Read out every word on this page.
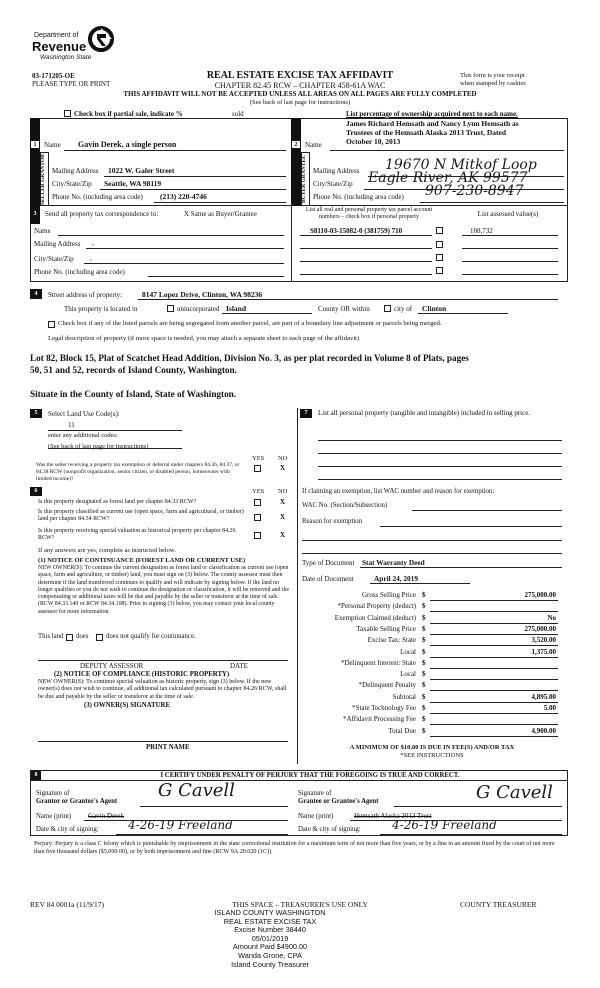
Department of
Revenue
Washington State
03-171205-OE
PLEASE TYPE OR PRINT
REAL ESTATE EXCISE TAX AFFIDAVIT
CHAPTER 82.45 RCW – CHAPTER 458-61A WAC
This form is your receipt
when stamped by cashier.
THIS AFFIDAVIT WILL NOT BE ACCEPTED UNLESS ALL AREAS ON ALL PAGES ARE FULLY COMPLETED
(See back of last page for instructions)
Check box if partial sale, indicate %	sold	List percentage of ownership acquired next to each name.
1
SELLER GRANTOR
Name Gavin Derek, a single person
Mailing Address 1022 W. Galer Street
City/State/Zip Seattle, WA 98119
Phone No. (including area code) (213) 220-4746
2
BUYER GRANTEE
James Richard Hemsath and Nancy Lynn Hemsath as
Trustees of the Hemsath Alaska 2013 Trust, Dated
Name	October 10, 2013
Mailing Address 19670 N Mitkof Loop
City/State/Zip Eagle River, AK 99577
Phone No. (including area code) 907-230-8947
3	Send all property tax correspondence to:	X Same as Buyer/Grantee
Name
Mailing Address ,
City/State/Zip ,
Phone No. (including area code)
List all real and personal property tax parcel account
numbers – check box if personal property	List assessed value(s)
S8110-03-15082-0 (381759) 710	188,732
4	Street address of property:	8147 Lopez Drive, Clinton, WA 98236
This property is located in	unincorporated Island	County OR within	city of Clinton
Check box if any of the listed parcels are being segregated from another parcel, are part of a boundary line adjustment or parcels being merged.
Legal description of property (if more space is needed, you may attach a separate sheet to each page of the affidavit)
Lot 82, Block 15, Plat of Scatchet Head Addition, Division No. 3, as per plat recorded in Volume 8 of Plats, pages
50, 51 and 52, records of Island County, Washington.
Situate in the County of Island, State of Washington.
5	Select Land Use Code(s):
11
enter any additional codes:
(See back of last page for instructions)
YES NO
Was the seller receiving a property tax exemption or deferral under chapters 84.36, 84.37, or 84.38 RCW (nonprofit organization, senior citizen, or disabled person, homeowner with limited income)?
X
6	YES NO
Is this property designated as forest land per chapter 84.33 RCW?	X
Is this property classified as current use (open space, farm and agricultural, or timber) land per chapter 84.34 RCW?	X
Is this property receiving special valuation as historical property per chapter 84.26 RCW?	X
If any answers are yes, complete as instructed below.
(1) NOTICE OF CONTINUANCE (FOREST LAND OR CURRENT USE)
NEW OWNER(S): To continue the current designation as forest land or classification as current use (open space, farm and agriculture, or timber) land, you must sign on (3) below. The county assessor must then determine if the land transferred continues to qualify and will indicate by signing below. If the land no longer qualifies or you do not wish to continue the designation or classification, it will be removed and the compensating or additional taxes will be due and payable by the seller or transferor at the time of sale. (RCW 84.33.140 or RCW 84.34.108). Prior to signing (3) below, you may contact your local county assessor for more information.
This land does	does not qualify for continuance.
DEPUTY ASSESSOR	DATE
(2) NOTICE OF COMPLIANCE (HISTORIC PROPERTY)
NEW OWNER(S): To continue special valuation as historic property, sign (3) below. If the new owner(s) does not wish to continue, all additional tax calculated pursuant to chapter 84.26 RCW, shall be due and payable by the seller or transferor at the time of sale.
(3) OWNER(S) SIGNATURE
PRINT NAME
7	List all personal property (tangible and intangible) included in selling price.
If claiming an exemption, list WAC number and reason for exemption:
WAC No. (Section/Subsection)
Reason for exemption
Type of Document Stat Warranty Deed
Date of Document	April 24, 2019
Gross Selling Price $	275,000.00
*Personal Property (deduct) $
Exemption Claimed (deduct) $	No
Taxable Selling Price $	275,000.00
Excise Tax: State $	3,520.00
Local $	1,375.00
*Delinquent Interest: State $
Local $
*Delinquent Penalty $
Subtotal $	4,895.00
*State Technology Fee $	5.00
*Affidavit Processing Fee $
Total Due $	4,900.00
A MINIMUM OF $10.00 IS DUE IN FEE(S) AND/OR TAX
*SEE INSTRUCTIONS
8	I CERTIFY UNDER PENALTY OF PERJURY THAT THE FOREGOING IS TRUE AND CORRECT.
Signature of
Grantor or Grantor's Agent
G Cavell
Name (print) Gavin Derek
Date & city of signing: 4-26-19 Freeland
Signature of
Grantee or Grantee's Agent	G Cavell
Name (print)	Hemsath Alaska 2013 Trust
Date & city of signing:	4-26-19 Freeland
Perjury: Perjury is a class C felony which is punishable by imprisonment in the state correctional institution for a maximum term of not more than five years, or by a fine in an amount fixed by the court of not more than five thousand dollars ($5,000.00), or by both imprisonment and fine (RCW 9A.20.020 (1C)).
REV 84 0001a (11/9/17)	THIS SPACE – TREASURER'S USE ONLY	COUNTY TREASURER
ISLAND COUNTY WASHINGTON
REAL ESTATE EXCISE TAX
Excise Number 38440
05/01/2019
Amount Paid $4900.00
Wanda Grone, CPA
Island County Treasurer
